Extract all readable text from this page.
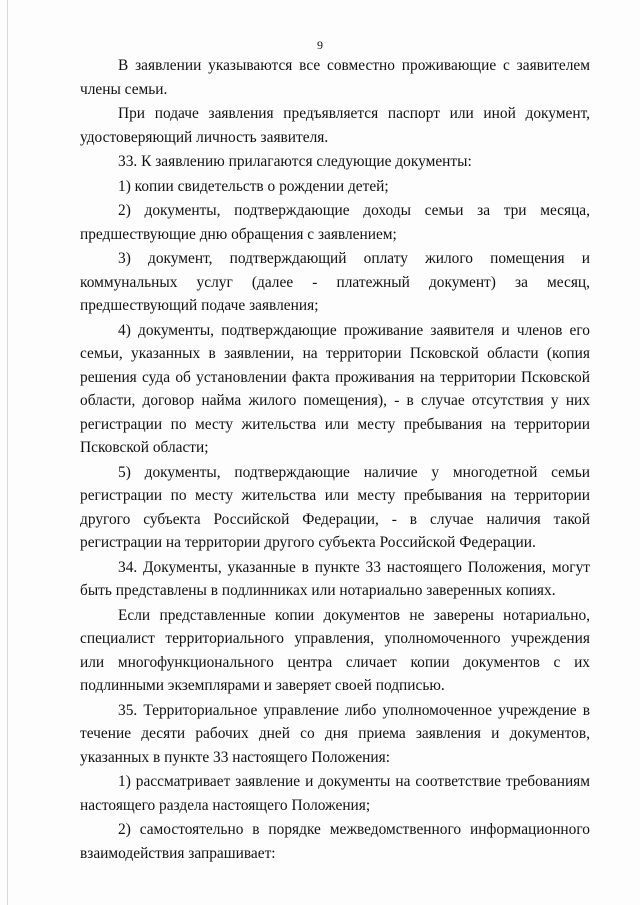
9

В заявлении указываются все совместно проживающие с заявителем члены семьи.

При подаче заявления предъявляется паспорт или иной документ, удостоверяющий личность заявителя.

33. К заявлению прилагаются следующие документы:

1) копии свидетельств о рождении детей;

2) документы, подтверждающие доходы семьи за три месяца, предшествующие дню обращения с заявлением;

3) документ, подтверждающий оплату жилого помещения и коммунальных услуг (далее - платежный документ) за месяц, предшествующий подаче заявления;

4) документы, подтверждающие проживание заявителя и членов его семьи, указанных в заявлении, на территории Псковской области (копия решения суда об установлении факта проживания на территории Псковской области, договор найма жилого помещения), - в случае отсутствия у них регистрации по месту жительства или месту пребывания на территории Псковской области;

5) документы, подтверждающие наличие у многодетной семьи регистрации по месту жительства или месту пребывания на территории другого субъекта Российской Федерации, - в случае наличия такой регистрации на территории другого субъекта Российской Федерации.

34. Документы, указанные в пункте 33 настоящего Положения, могут быть представлены в подлинниках или нотариально заверенных копиях.

Если представленные копии документов не заверены нотариально, специалист территориального управления, уполномоченного учреждения или многофункционального центра сличает копии документов с их подлинными экземплярами и заверяет своей подписью.

35. Территориальное управление либо уполномоченное учреждение в течение десяти рабочих дней со дня приема заявления и документов, указанных в пункте 33 настоящего Положения:

1) рассматривает заявление и документы на соответствие требованиям настоящего раздела настоящего Положения;

2) самостоятельно в порядке межведомственного информационного взаимодействия запрашивает:
